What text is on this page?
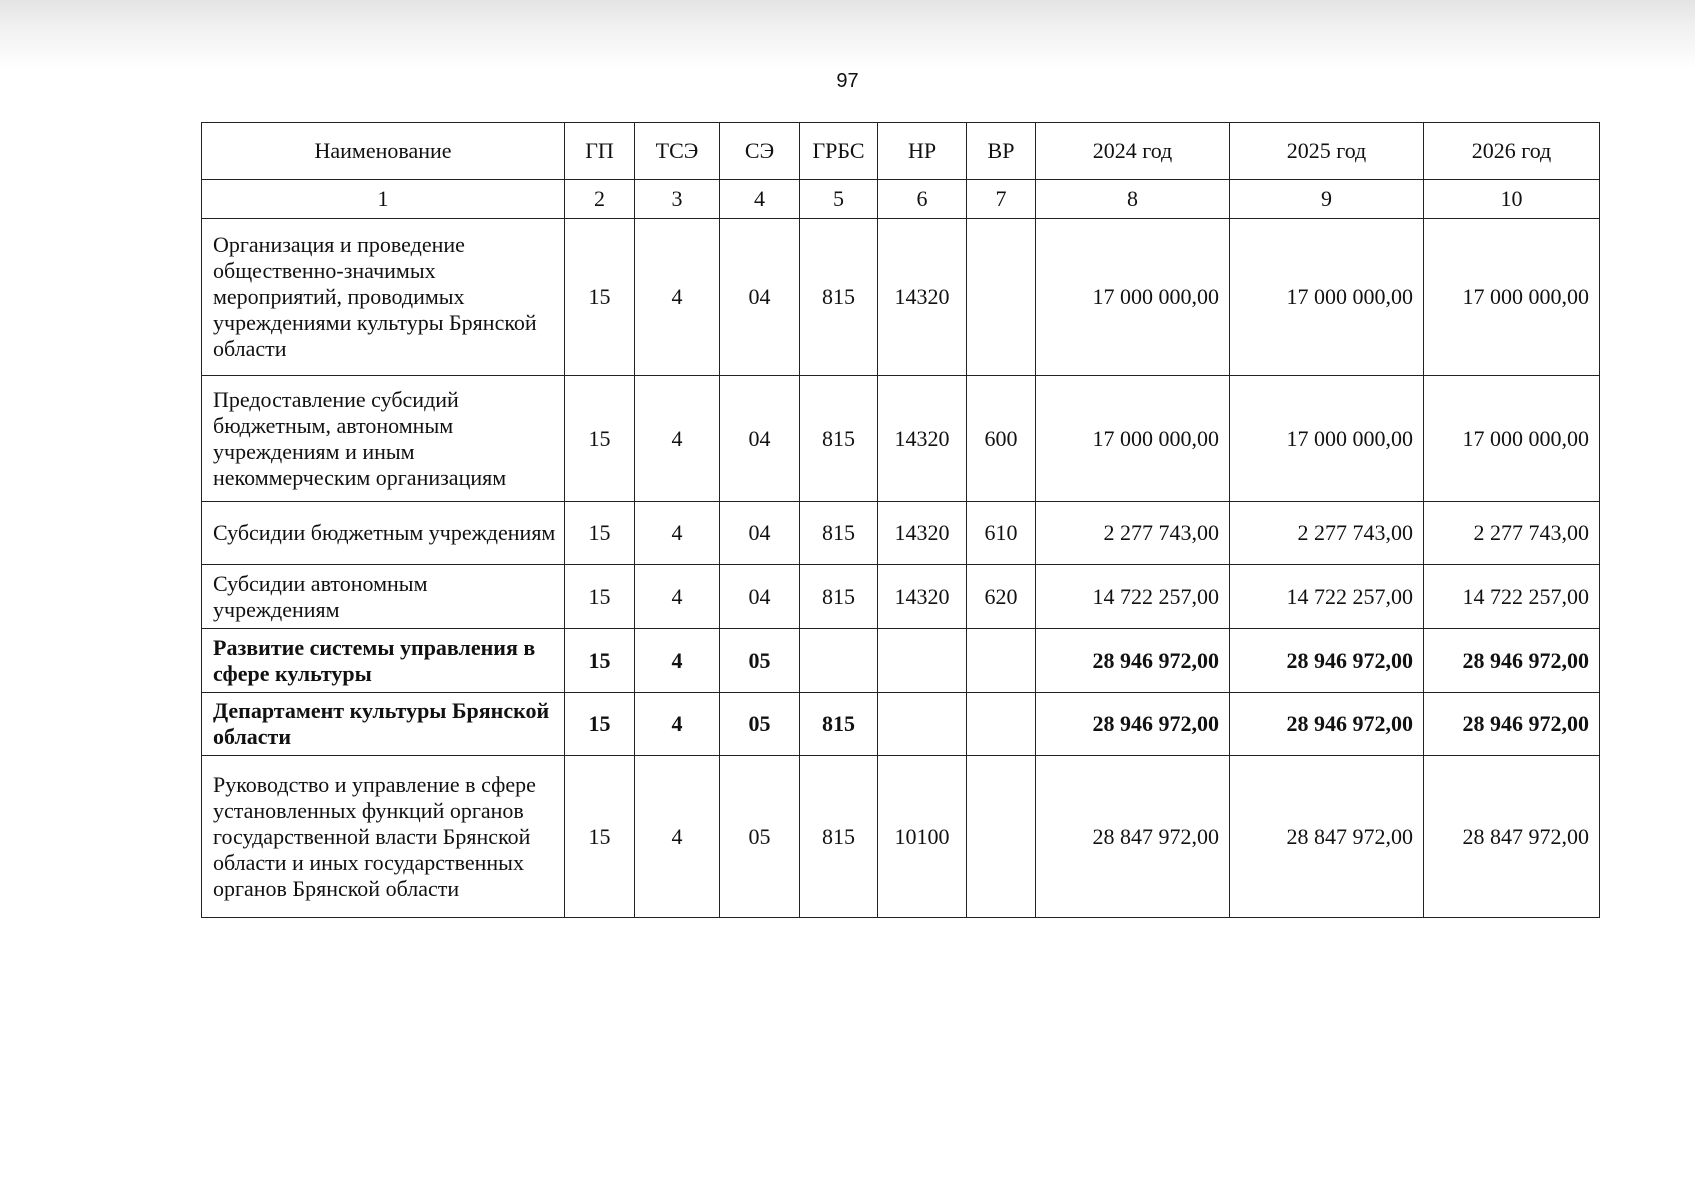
97
Наименование	ГП	ТСЭ	СЭ	ГРБС	НР	ВР	2024 год	2025 год	2026 год
1	2	3	4	5	6	7	8	9	10
Организация и проведение общественно-значимых мероприятий, проводимых учреждениями культуры Брянской области	15	4	04	815	14320		17 000 000,00	17 000 000,00	17 000 000,00
Предоставление субсидий бюджетным, автономным учреждениям и иным некоммерческим организациям	15	4	04	815	14320	600	17 000 000,00	17 000 000,00	17 000 000,00
Субсидии бюджетным учреждениям	15	4	04	815	14320	610	2 277 743,00	2 277 743,00	2 277 743,00
Субсидии автономным учреждениям	15	4	04	815	14320	620	14 722 257,00	14 722 257,00	14 722 257,00
Развитие системы управления в сфере культуры	15	4	05				28 946 972,00	28 946 972,00	28 946 972,00
Департамент культуры Брянской области	15	4	05	815			28 946 972,00	28 946 972,00	28 946 972,00
Руководство и управление в сфере установленных функций органов государственной власти Брянской области и иных государственных органов Брянской области	15	4	05	815	10100		28 847 972,00	28 847 972,00	28 847 972,00
